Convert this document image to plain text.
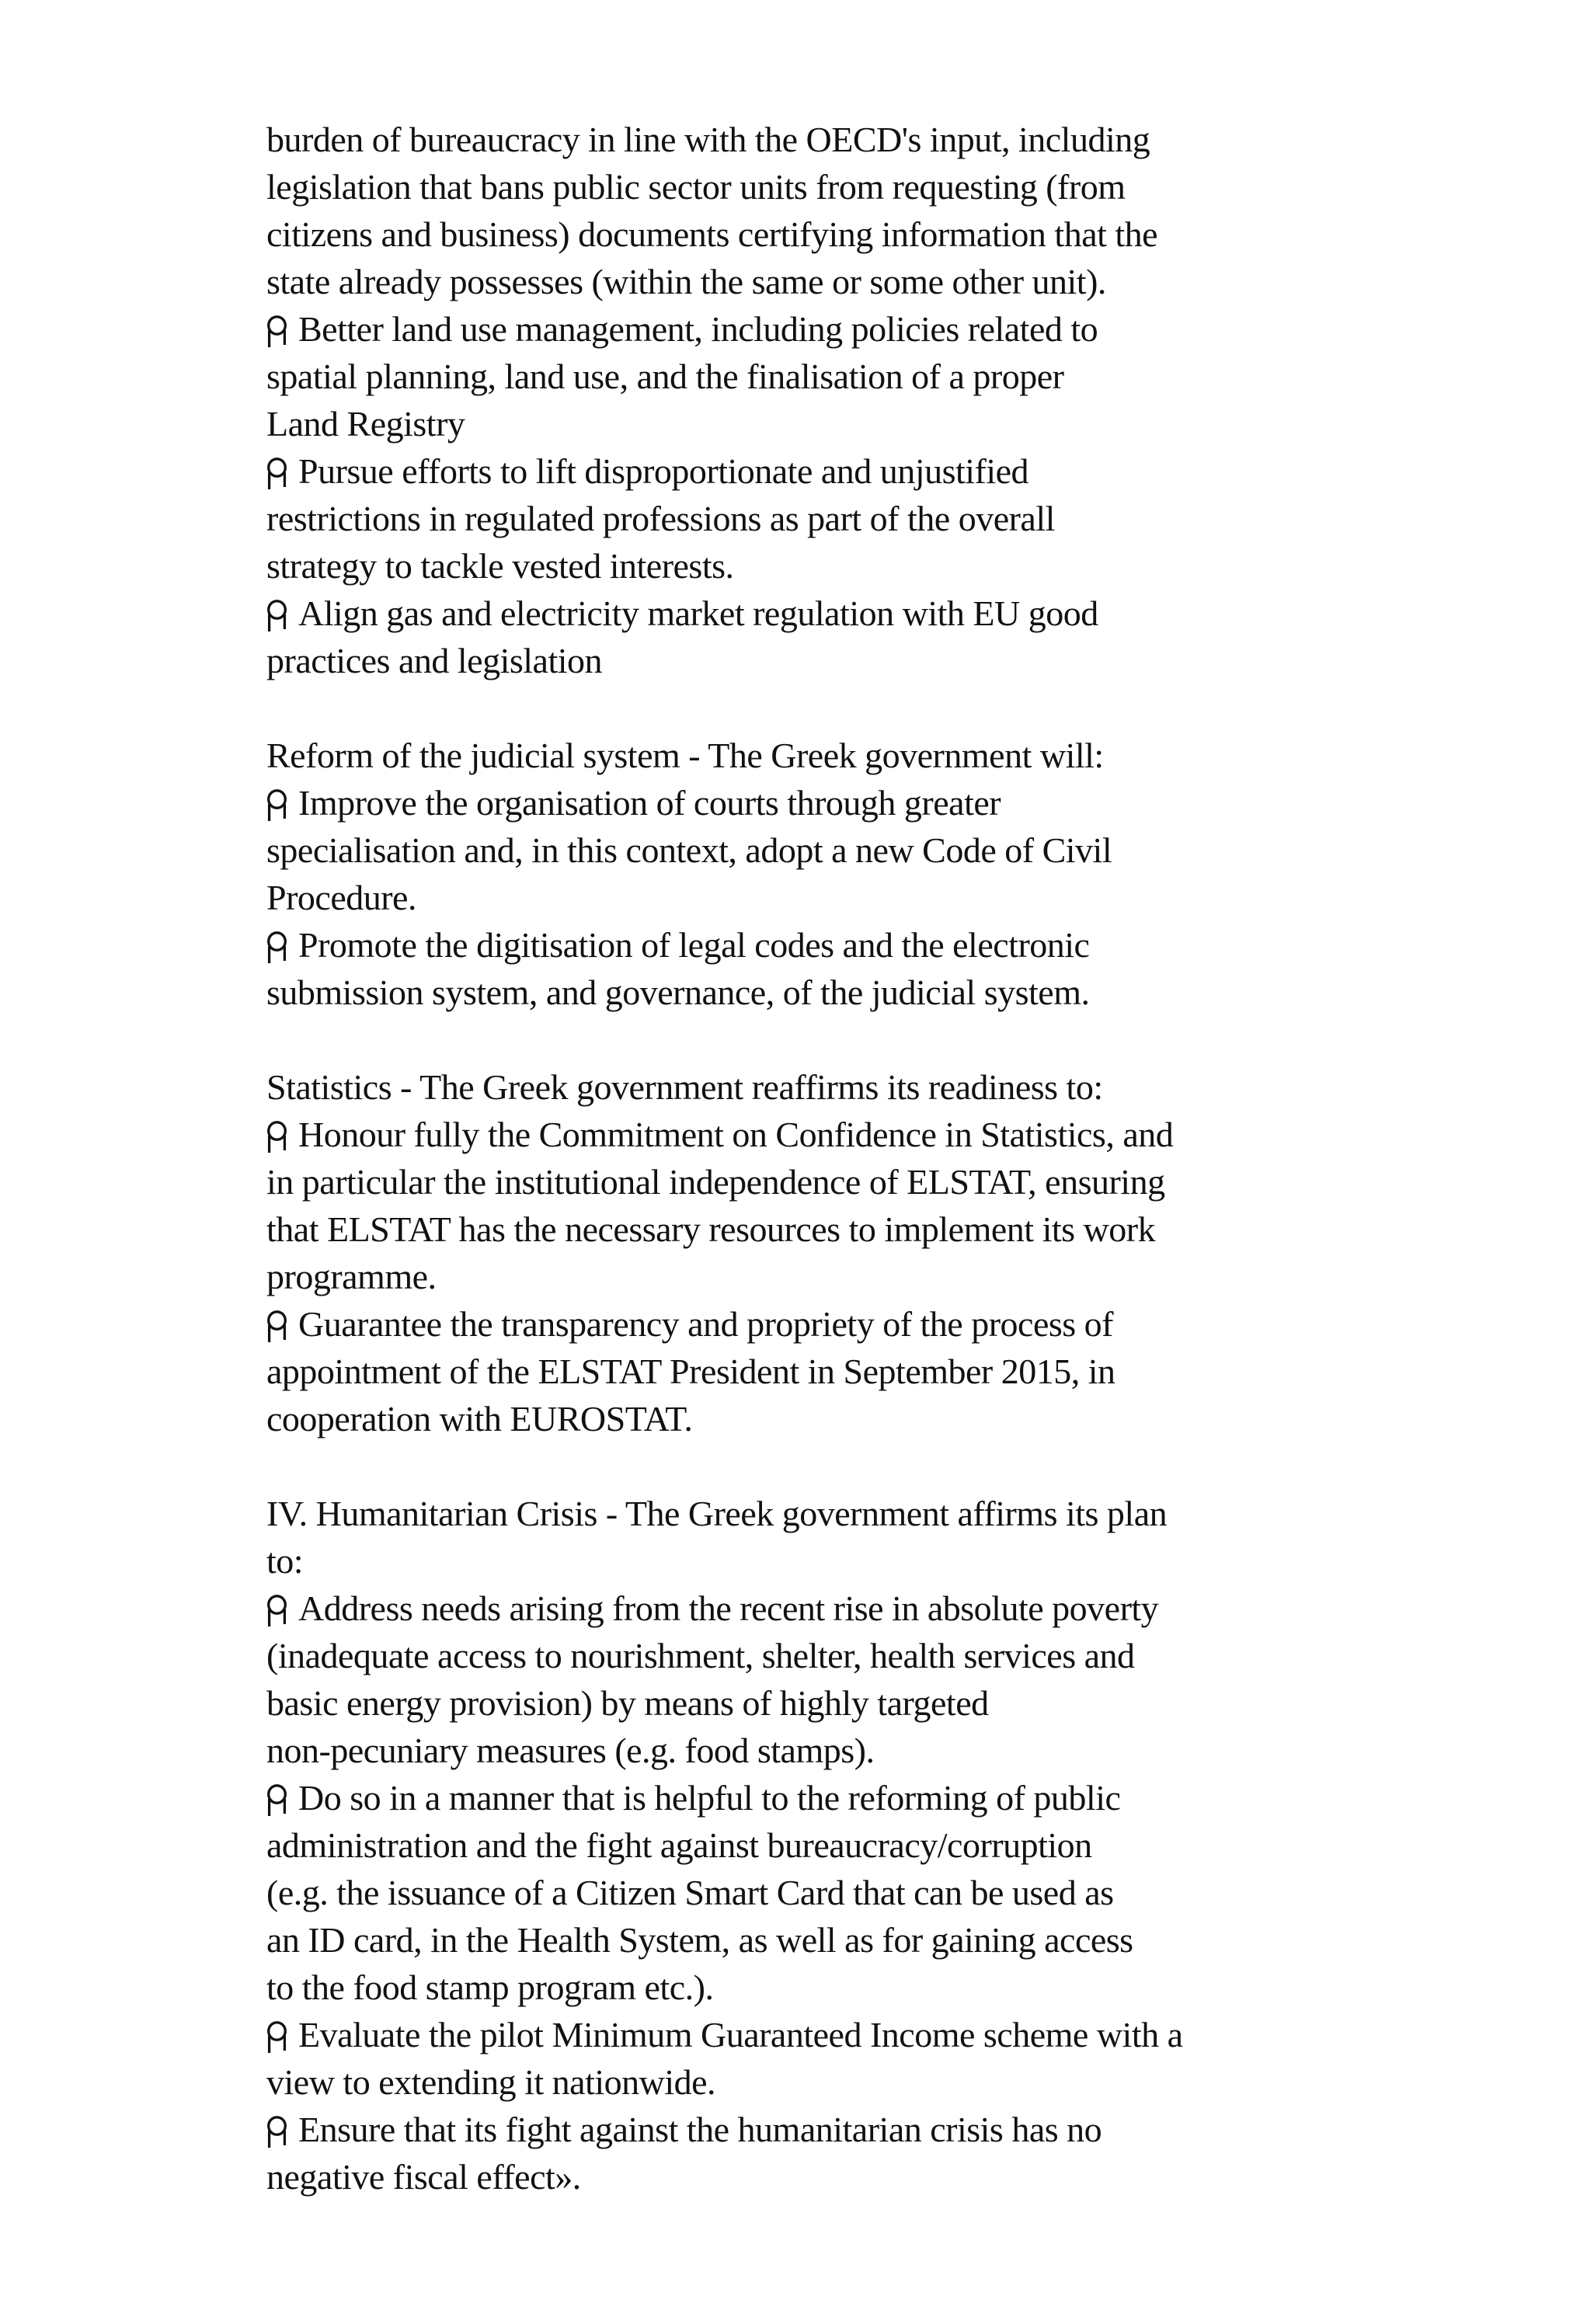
burden of bureaucracy in line with the OECD's input, including
legislation that bans public sector units from requesting (from
citizens and business) documents certifying information that the
state already possesses (within the same or some other unit).
Better land use management, including policies related to
spatial planning, land use, and the finalisation of a proper
Land Registry
Pursue efforts to lift disproportionate and unjustified
restrictions in regulated professions as part of the overall
strategy to tackle vested interests.
Align gas and electricity market regulation with EU good
practices and legislation
Reform of the judicial system - The Greek government will:
Improve the organisation of courts through greater
specialisation and, in this context, adopt a new Code of Civil
Procedure.
Promote the digitisation of legal codes and the electronic
submission system, and governance, of the judicial system.
Statistics - The Greek government reaffirms its readiness to:
Honour fully the Commitment on Confidence in Statistics, and
in particular the institutional independence of ELSTAT, ensuring
that ELSTAT has the necessary resources to implement its work
programme.
Guarantee the transparency and propriety of the process of
appointment of the ELSTAT President in September 2015, in
cooperation with EUROSTAT.
IV. Humanitarian Crisis - The Greek government affirms its plan
to:
Address needs arising from the recent rise in absolute poverty
(inadequate access to nourishment, shelter, health services and
basic energy provision) by means of highly targeted
non-pecuniary measures (e.g. food stamps).
Do so in a manner that is helpful to the reforming of public
administration and the fight against bureaucracy/corruption
(e.g. the issuance of a Citizen Smart Card that can be used as
an ID card, in the Health System, as well as for gaining access
to the food stamp program etc.).
Evaluate the pilot Minimum Guaranteed Income scheme with a
view to extending it nationwide.
Ensure that its fight against the humanitarian crisis has no
negative fiscal effect».
